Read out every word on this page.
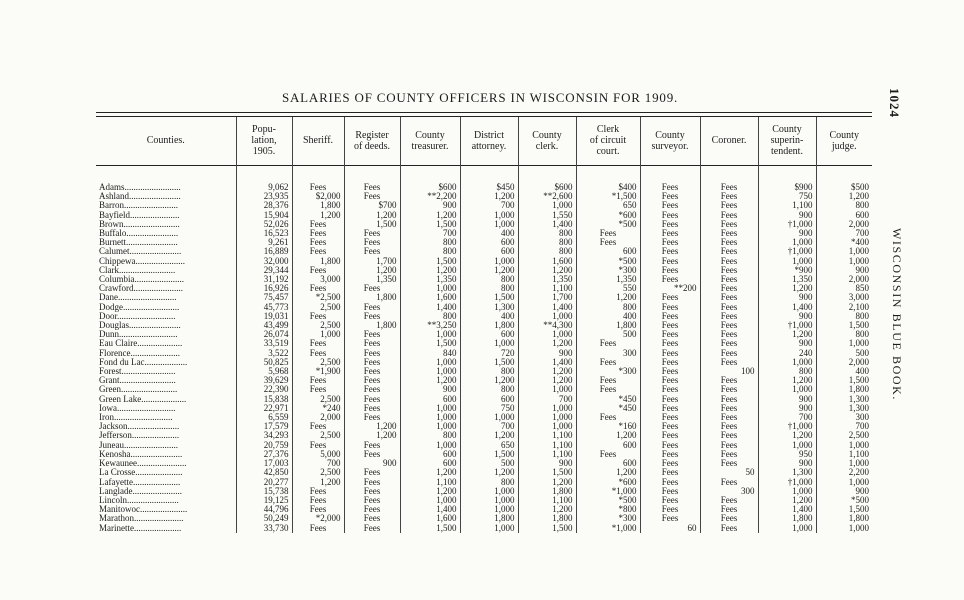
SALARIES OF COUNTY OFFICERS IN WISCONSIN FOR 1909.	1024
WISCONSIN BLUE BOOK.
Counties.	Popu-
lation,
1905.	Sheriff.	Register
of deeds.	County
treasurer.	District
attorney.	County
clerk.	Clerk
of circuit
court.	County
surveyor.	Coroner.	County
superin-
tendent.	County
judge.

Adams.........................	9,062	Fees	Fees	$600	$450	$600	$400	Fees	Fees	$900	$500
Ashland.......................	23,935	$2,000	Fees	**2,200	1,200	**2,600	*1,500	Fees	Fees	750	1,200
Barron........................	28,376	1,800	$700	900	700	1,000	650	Fees	Fees	1,100	800
Bayfield......................	15,904	1,200	1,200	1,200	1,000	1,550	*600	Fees	Fees	900	600
Brown.........................	52,026	Fees	1,500	1,500	1,000	1,400	*500	Fees	Fees	†1,000	2,000
Buffalo.......................	16,523	Fees	Fees	700	400	800	Fees	Fees	Fees	900	700
Burnett.......................	9,261	Fees	Fees	800	600	800	Fees	Fees	Fees	1,000	*400
Calumet.......................	16,889	Fees	Fees	800	600	800	600	Fees	Fees	†1,000	1,000
Chippewa......................	32,000	1,800	1,700	1,500	1,000	1,600	*500	Fees	Fees	1,000	1,000
Clark.........................	29,344	Fees	1,200	1,200	1,200	1,200	*300	Fees	Fees	*900	900
Columbia......................	31,192	3,000	1,350	1,350	800	1,350	1,350	Fees	Fees	1,350	2,000
Crawford......................	16,926	Fees	Fees	1,000	800	1,100	550	**200	Fees	1,200	850
Dane..........................	75,457	*2,500	1,800	1,600	1,500	1,700	1,200	Fees	Fees	900	3,000
Dodge.........................	45,773	2,500	Fees	1,400	1,300	1,400	800	Fees	Fees	1,400	2,100
Door..........................	19,031	Fees	Fees	800	400	1,000	400	Fees	Fees	900	800
Douglas.......................	43,499	2,500	1,800	**3,250	1,800	**4,300	1,800	Fees	Fees	†1,000	1,500
Dunn..........................	26,074	1,000	Fees	1,000	600	1,000	500	Fees	Fees	1,200	800
Eau Claire....................	33,519	Fees	Fees	1,500	1,000	1,200	Fees	Fees	Fees	900	1,000
Florence......................	3,522	Fees	Fees	840	720	900	300	Fees	Fees	240	500
Fond du Lac...................	50,825	2,500	Fees	1,000	1,500	1,400	Fees	Fees	Fees	1,000	2,000
Forest........................	5,968	*1,900	Fees	1,000	800	1,200	*300	Fees	100	800	400
Grant.........................	39,629	Fees	Fees	1,200	1,200	1,200	Fees	Fees	Fees	1,200	1,500
Green.........................	22,390	Fees	Fees	900	800	1,000	Fees	Fees	Fees	1,000	1,800
Green Lake....................	15,838	2,500	Fees	600	600	700	*450	Fees	Fees	900	1,300
Iowa..........................	22,971	*240	Fees	1,000	750	1,000	*450	Fees	Fees	900	1,300
Iron..........................	6,559	2,000	Fees	1,000	1,000	1,000	Fees	Fees	Fees	700	300
Jackson.......................	17,579	Fees	1,200	1,000	700	1,000	*160	Fees	Fees	†1,000	700
Jefferson.....................	34,293	2,500	1,200	800	1,200	1,100	1,200	Fees	Fees	1,200	2,500
Juneau........................	20,759	Fees	Fees	1,000	650	1,100	600	Fees	Fees	1,000	1,000
Kenosha.......................	27,376	5,000	Fees	600	1,500	1,100	Fees	Fees	Fees	950	1,100
Kewaunee......................	17,003	700	900	600	500	900	600	Fees	Fees	900	1,000
La Crosse.....................	42,850	2,500	Fees	1,200	1,200	1,500	1,200	Fees	50	1,300	2,200
Lafayette.....................	20,277	1,200	Fees	1,100	800	1,200	*600	Fees	Fees	†1,000	1,000
Langlade......................	15,738	Fees	Fees	1,200	1,000	1,800	*1,000	Fees	300	1,000	900
Lincoln.......................	19,125	Fees	Fees	1,000	1,000	1,100	*500	Fees	Fees	1,200	*500
Manitowoc.....................	44,796	Fees	Fees	1,400	1,000	1,200	*800	Fees	Fees	1,400	1,500
Marathon......................	50,249	*2,000	Fees	1,600	1,800	1,800	*300	Fees	Fees	1,800	1,800
Marinette.....................	33,730	Fees	Fees	1,500	1,000	1,500	*1,000	60	Fees	1,000	1,000
